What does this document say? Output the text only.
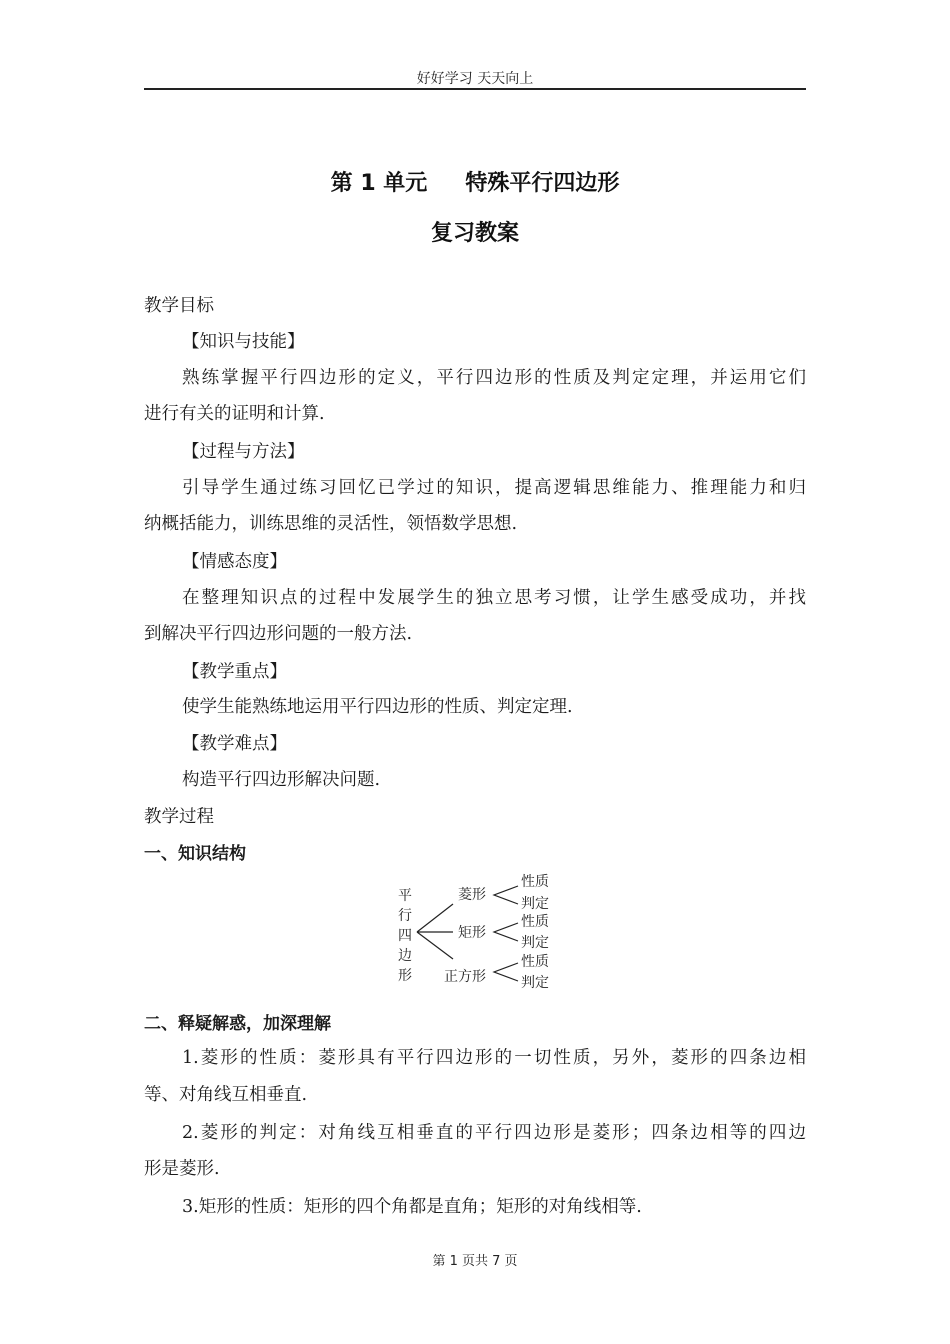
好好学习 天天向上
第 1 单元 特殊平行四边形
复习教案
教学目标
【知识与技能】
熟练掌握平行四边形的定义，平行四边形的性质及判定定理，并运用它们
进行有关的证明和计算.
【过程与方法】
引导学生通过练习回忆已学过的知识，提高逻辑思维能力、推理能力和归
纳概括能力，训练思维的灵活性，领悟数学思想.
【情感态度】
在整理知识点的过程中发展学生的独立思考习惯，让学生感受成功，并找
到解决平行四边形问题的一般方法.
【教学重点】
使学生能熟练地运用平行四边形的性质、判定定理.
【教学难点】
构造平行四边形解决问题.
教学过程
一、知识结构
平
行
四
边
形
菱形
矩形
正方形
性质
判定
性质
判定
性质
判定
二、释疑解惑，加深理解
1.菱形的性质：菱形具有平行四边形的一切性质，另外，菱形的四条边相
等、对角线互相垂直.
2.菱形的判定：对角线互相垂直的平行四边形是菱形；四条边相等的四边
形是菱形.
3.矩形的性质：矩形的四个角都是直角；矩形的对角线相等.
第 1 页共 7 页
